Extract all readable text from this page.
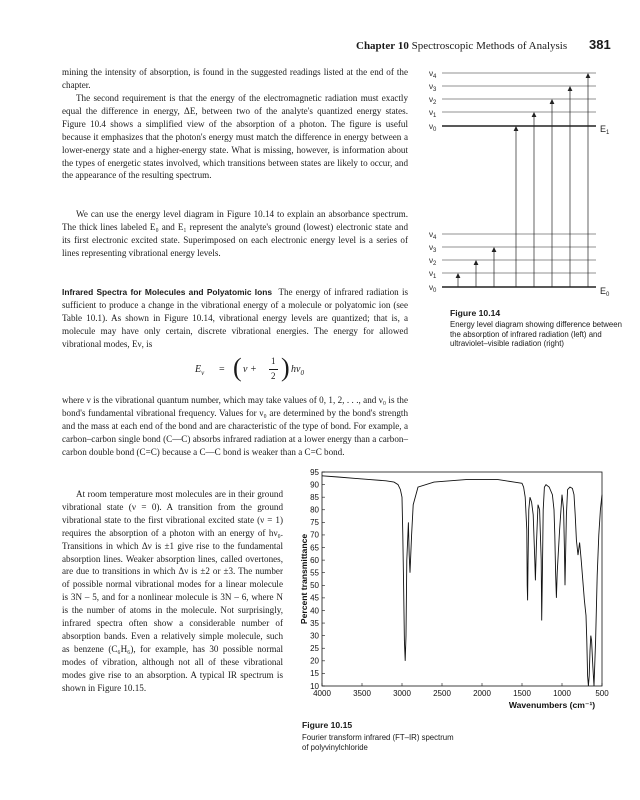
Chapter 10 Spectroscopic Methods of Analysis 381

mining the intensity of absorption, is found in the suggested readings listed at the end of the chapter.

The second requirement is that the energy of the electromagnetic radiation must exactly equal the difference in energy, ΔE, between two of the analyte's quantized energy states. Figure 10.4 shows a simplified view of the absorption of a photon. The figure is useful because it emphasizes that the photon's energy must match the difference in energy between a lower-energy state and a higher-energy state. What is missing, however, is information about the types of energetic states involved, which transitions between states are likely to occur, and the appearance of the resulting spectrum.

We can use the energy level diagram in Figure 10.14 to explain an absorbance spectrum. The thick lines labeled E₀ and E₁ represent the analyte's ground (lowest) electronic state and its first electronic excited state. Superimposed on each electronic energy level is a series of lines representing vibrational energy levels.

Infrared Spectra for Molecules and Polyatomic Ions The energy of infrared radiation is sufficient to produce a change in the vibrational energy of a molecule or polyatomic ion (see Table 10.1). As shown in Figure 10.14, vibrational energy levels are quantized; that is, a molecule may have only certain, discrete vibrational energies. The energy for allowed vibrational modes, Eν, is

$E_\nu$ = ( ν +
1
2 ) $h\nu_0$

where ν is the vibrational quantum number, which may take values of 0, 1, 2, . . ., and ν₀ is the bond's fundamental vibrational frequency. Values for ν₀ are determined by the bond's strength and the mass at each end of the bond and are characteristic of the type of bond. For example, a carbon–carbon single bond (C—C) absorbs infrared radiation at a lower energy than a carbon–carbon double bond (C=C) because a C—C bond is weaker than a C=C bond.

At room temperature most molecules are in their ground vibrational state (ν = 0). A transition from the ground vibrational state to the first vibrational excited state (ν = 1) requires the absorption of a photon with an energy of hν₀. Transitions in which Δν is ±1 give rise to the fundamental absorption lines. Weaker absorption lines, called overtones, are due to transitions in which Δν is ±2 or ±3. The number of possible normal vibrational modes for a linear molecule is 3N – 5, and for a nonlinear molecule is 3N – 6, where N is the number of atoms in the molecule. Not surprisingly, infrared spectra often show a considerable number of absorption bands. Even a relatively simple molecule, such as benzene (C₆H₆), for example, has 30 possible normal modes of vibration, although not all of these vibrational modes give rise to an absorption. A typical IR spectrum is shown in Figure 10.15.

$\nu_4$
$\nu_3$
$\nu_2$
$\nu_1$
$\nu_0$
$\nu_4$
$\nu_3$
$\nu_2$
$\nu_1$
$\nu_0$
$E_1$
$E_0$
Figure 10.14
Energy level diagram showing difference between the absorption of infrared radiation (left) and ultraviolet–visible radiation (right)
95
90
85
80
75
70
65
60
55
50
45
40
35
30
25
20
15
10
4000	3500	3000	2500	2000	1500	1000	500
Percent transmittance
Wavenumbers (cm⁻¹)
Figure 10.15
Fourier transform infrared (FT–IR) spectrum
of polyvinylchloride
